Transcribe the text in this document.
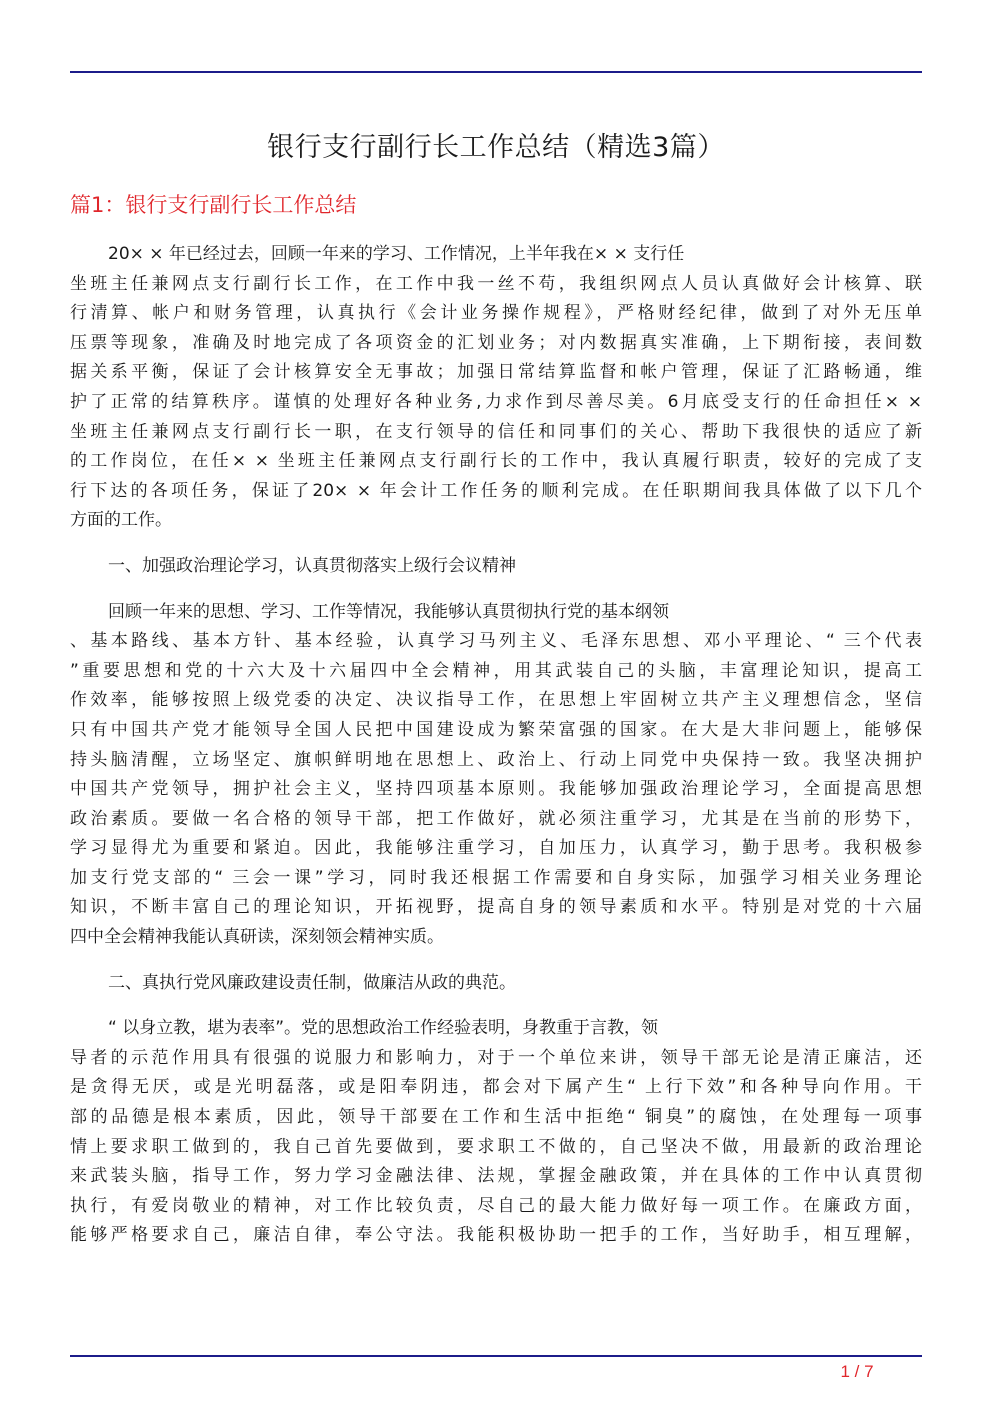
银行支行副行长工作总结（精选3篇）
篇1：银行支行副行长工作总结
20× × 年已经过去，回顾一年来的学习、工作情况，上半年我在× × 支行任
坐班主任兼网点支行副行长工作，在工作中我一丝不苟，我组织网点人员认真做好会计核算、联
行清算、帐户和财务管理，认真执行《会计业务操作规程》，严格财经纪律，做到了对外无压单
压票等现象，准确及时地完成了各项资金的汇划业务；对内数据真实准确，上下期衔接，表间数
据关系平衡，保证了会计核算安全无事故；加强日常结算监督和帐户管理，保证了汇路畅通，维
护了正常的结算秩序。谨慎的处理好各种业务,力求作到尽善尽美。6月底受支行的任命担任× ×
坐班主任兼网点支行副行长一职，在支行领导的信任和同事们的关心、帮助下我很快的适应了新
的工作岗位，在任× × 坐班主任兼网点支行副行长的工作中，我认真履行职责，较好的完成了支
行下达的各项任务，保证了20× × 年会计工作任务的顺利完成。在任职期间我具体做了以下几个
方面的工作。
一、加强政治理论学习，认真贯彻落实上级行会议精神
回顾一年来的思想、学习、工作等情况，我能够认真贯彻执行党的基本纲领
、基本路线、基本方针、基本经验，认真学习马列主义、毛泽东思想、邓小平理论、“ 三个代表
”重要思想和党的十六大及十六届四中全会精神，用其武装自己的头脑，丰富理论知识，提高工
作效率，能够按照上级党委的决定、决议指导工作，在思想上牢固树立共产主义理想信念，坚信
只有中国共产党才能领导全国人民把中国建设成为繁荣富强的国家。在大是大非问题上，能够保
持头脑清醒，立场坚定、旗帜鲜明地在思想上、政治上、行动上同党中央保持一致。我坚决拥护
中国共产党领导，拥护社会主义，坚持四项基本原则。我能够加强政治理论学习，全面提高思想
政治素质。要做一名合格的领导干部，把工作做好，就必须注重学习，尤其是在当前的形势下，
学习显得尤为重要和紧迫。因此，我能够注重学习，自加压力，认真学习，勤于思考。我积极参
加支行党支部的“ 三会一课”学习，同时我还根据工作需要和自身实际，加强学习相关业务理论
知识，不断丰富自己的理论知识，开拓视野，提高自身的领导素质和水平。特别是对党的十六届
四中全会精神我能认真研读，深刻领会精神实质。
二、真执行党风廉政建设责任制，做廉洁从政的典范。
“ 以身立教，堪为表率”。党的思想政治工作经验表明，身教重于言教，领
导者的示范作用具有很强的说服力和影响力，对于一个单位来讲，领导干部无论是清正廉洁，还
是贪得无厌，或是光明磊落，或是阳奉阴违，都会对下属产生“ 上行下效”和各种导向作用。干
部的品德是根本素质，因此，领导干部要在工作和生活中拒绝“ 铜臭”的腐蚀，在处理每一项事
情上要求职工做到的，我自己首先要做到，要求职工不做的，自己坚决不做，用最新的政治理论
来武装头脑，指导工作，努力学习金融法律、法规，掌握金融政策，并在具体的工作中认真贯彻
执行，有爱岗敬业的精神，对工作比较负责，尽自己的最大能力做好每一项工作。在廉政方面，
能够严格要求自己，廉洁自律，奉公守法。我能积极协助一把手的工作，当好助手，相互理解，
1 / 7
